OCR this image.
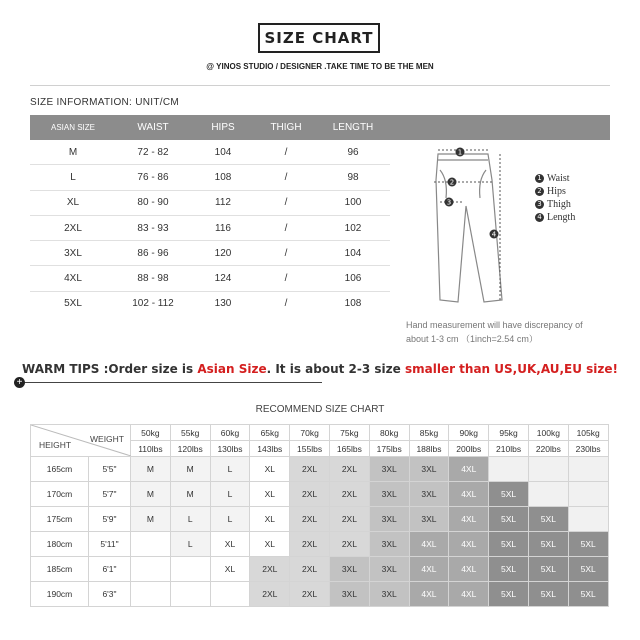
SIZE CHART
@ YINOS STUDIO / DESIGNER .TAKE TIME TO BE THE MEN
SIZE INFORMATION: UNIT/CM
ASIAN SIZE	WAIST	HIPS	THIGH	LENGTH	
M	72 - 82	104	/	96	
L	76 - 86	108	/	98	
XL	80 - 90	112	/	100	
2XL	83 - 93	116	/	102	
3XL	86 - 96	120	/	104	
4XL	88 - 98	124	/	106	
5XL	102 - 112	130	/	108	
1
2
3
4
1 Waist
2 Hips
3 Thigh
4 Length
Hand measurement will have discrepancy of about 1-3 cm （1inch=2.54 cm）
WARM TIPS :Order size is Asian Size. It is about 2-3 size smaller than US,UK,AU,EU size!
+
RECOMMEND SIZE CHART
WEIGHT
HEIGHT		50kg	55kg	60kg	65kg	70kg	75kg	80kg	85kg	90kg	95kg	100kg	105kg
		110lbs	120lbs	130lbs	143lbs	155lbs	165lbs	175lbs	188lbs	200lbs	210lbs	220lbs	230lbs
165cm	5'5"	M	M	L	XL	2XL	2XL	3XL	3XL	4XL			
170cm	5'7"	M	M	L	XL	2XL	2XL	3XL	3XL	4XL	5XL		
175cm	5'9"	M	L	L	XL	2XL	2XL	3XL	3XL	4XL	5XL	5XL	
180cm	5'11"		L	XL	XL	2XL	2XL	3XL	4XL	4XL	5XL	5XL	5XL
185cm	6'1"			XL	2XL	2XL	3XL	3XL	4XL	4XL	5XL	5XL	5XL
190cm	6'3"				2XL	2XL	3XL	3XL	4XL	4XL	5XL	5XL	5XL
